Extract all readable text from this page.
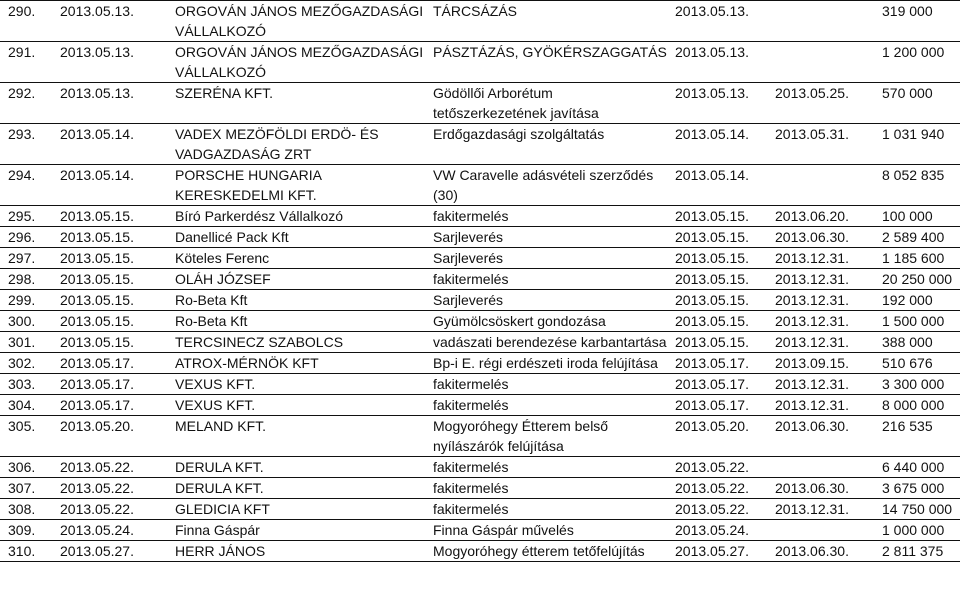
290.	2013.05.13.	ORGOVÁN JÁNOS MEZŐGAZDASÁGI VÁLLALKOZÓ	TÁRCSÁZÁS	2013.05.13.		319 000
291.	2013.05.13.	ORGOVÁN JÁNOS MEZŐGAZDASÁGI VÁLLALKOZÓ	PÁSZTÁZÁS, GYÖKÉRSZAGGATÁS	2013.05.13.		1 200 000
292.	2013.05.13.	SZERÉNA KFT.	Gödöllői Arborétum tetőszerkezetének javítása	2013.05.13.	2013.05.25.	570 000
293.	2013.05.14.	VADEX MEZÖFÖLDI ERDÖ- ÉS VADGAZDASÁG ZRT	Erdőgazdasági szolgáltatás	2013.05.14.	2013.05.31.	1 031 940
294.	2013.05.14.	PORSCHE HUNGARIA KERESKEDELMI KFT.	VW Caravelle adásvételi szerződés (30)	2013.05.14.		8 052 835
295.	2013.05.15.	Bíró Parkerdész Vállalkozó	fakitermelés	2013.05.15.	2013.06.20.	100 000
296.	2013.05.15.	Danellicé Pack Kft	Sarjleverés	2013.05.15.	2013.06.30.	2 589 400
297.	2013.05.15.	Köteles Ferenc	Sarjleverés	2013.05.15.	2013.12.31.	1 185 600
298.	2013.05.15.	OLÁH JÓZSEF	fakitermelés	2013.05.15.	2013.12.31.	20 250 000
299.	2013.05.15.	Ro-Beta Kft	Sarjleverés	2013.05.15.	2013.12.31.	192 000
300.	2013.05.15.	Ro-Beta Kft	Gyümölcsöskert gondozása	2013.05.15.	2013.12.31.	1 500 000
301.	2013.05.15.	TERCSINECZ SZABOLCS	vadászati berendezése karbantartása	2013.05.15.	2013.12.31.	388 000
302.	2013.05.17.	ATROX-MÉRNÖK KFT	Bp-i E. régi erdészeti iroda felújítása	2013.05.17.	2013.09.15.	510 676
303.	2013.05.17.	VEXUS KFT.	fakitermelés	2013.05.17.	2013.12.31.	3 300 000
304.	2013.05.17.	VEXUS KFT.	fakitermelés	2013.05.17.	2013.12.31.	8 000 000
305.	2013.05.20.	MELAND KFT.	Mogyoróhegy Étterem belső nyílászárók felújítása	2013.05.20.	2013.06.30.	216 535
306.	2013.05.22.	DERULA KFT.	fakitermelés	2013.05.22.		6 440 000
307.	2013.05.22.	DERULA KFT.	fakitermelés	2013.05.22.	2013.06.30.	3 675 000
308.	2013.05.22.	GLEDICIA KFT	fakitermelés	2013.05.22.	2013.12.31.	14 750 000
309.	2013.05.24.	Finna Gáspár	Finna Gáspár művelés	2013.05.24.		1 000 000
310.	2013.05.27.	HERR JÁNOS	Mogyoróhegy étterem tetőfelújítás	2013.05.27.	2013.06.30.	2 811 375
